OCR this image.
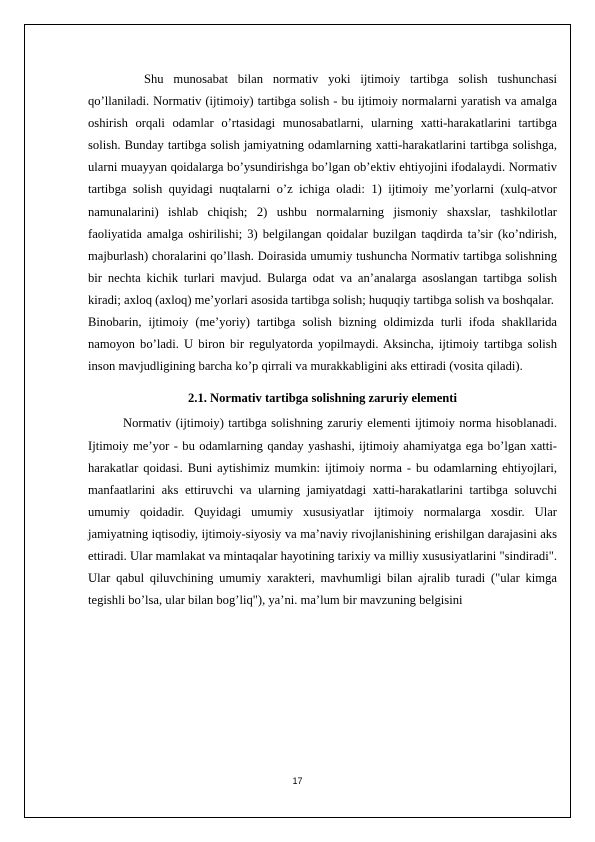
Shu munosabat bilan normativ yoki ijtimoiy tartibga solish tushunchasi qo’llaniladi. Normativ (ijtimoiy) tartibga solish - bu ijtimoiy normalarni yaratish va amalga oshirish orqali odamlar o’rtasidagi munosabatlarni, ularning xatti-harakatlarini tartibga solish. Bunday tartibga solish jamiyatning odamlarning xatti-harakatlarini tartibga solishga, ularni muayyan qoidalarga bo’ysundirishga bo’lgan ob’ektiv ehtiyojini ifodalaydi. Normativ tartibga solish quyidagi nuqtalarni o’z ichiga oladi: 1) ijtimoiy me’yorlarni (xulq-atvor namunalarini) ishlab chiqish; 2) ushbu normalarning jismoniy shaxslar, tashkilotlar faoliyatida amalga oshirilishi; 3) belgilangan qoidalar buzilgan taqdirda ta’sir (ko’ndirish, majburlash) choralarini qo’llash. Doirasida umumiy tushuncha Normativ tartibga solishning bir nechta kichik turlari mavjud. Bularga odat va an’analarga asoslangan tartibga solish kiradi; axloq (axloq) me’yorlari asosida tartibga solish; huquqiy tartibga solish va boshqalar.

Binobarin, ijtimoiy (me’yoriy) tartibga solish bizning oldimizda turli ifoda shakllarida namoyon bo’ladi. U biron bir regulyatorda yopilmaydi. Aksincha, ijtimoiy tartibga solish inson mavjudligining barcha ko’p qirrali va murakkabligini aks ettiradi (vosita qiladi).

2.1. Normativ tartibga solishning zaruriy elementi

Normativ (ijtimoiy) tartibga solishning zaruriy elementi ijtimoiy norma hisoblanadi. Ijtimoiy me’yor - bu odamlarning qanday yashashi, ijtimoiy ahamiyatga ega bo’lgan xatti-harakatlar qoidasi. Buni aytishimiz mumkin: ijtimoiy norma - bu odamlarning ehtiyojlari, manfaatlarini aks ettiruvchi va ularning jamiyatdagi xatti-harakatlarini tartibga soluvchi umumiy qoidadir. Quyidagi umumiy xususiyatlar ijtimoiy normalarga xosdir. Ular jamiyatning iqtisodiy, ijtimoiy-siyosiy va ma’naviy rivojlanishining erishilgan darajasini aks ettiradi. Ular mamlakat va mintaqalar hayotining tarixiy va milliy xususiyatlarini "sindiradi". Ular qabul qiluvchining umumiy xarakteri, mavhumligi bilan ajralib turadi ("ular kimga tegishli bo’lsa, ular bilan bog’liq"), ya’ni. ma’lum bir mavzuning belgisini

17
